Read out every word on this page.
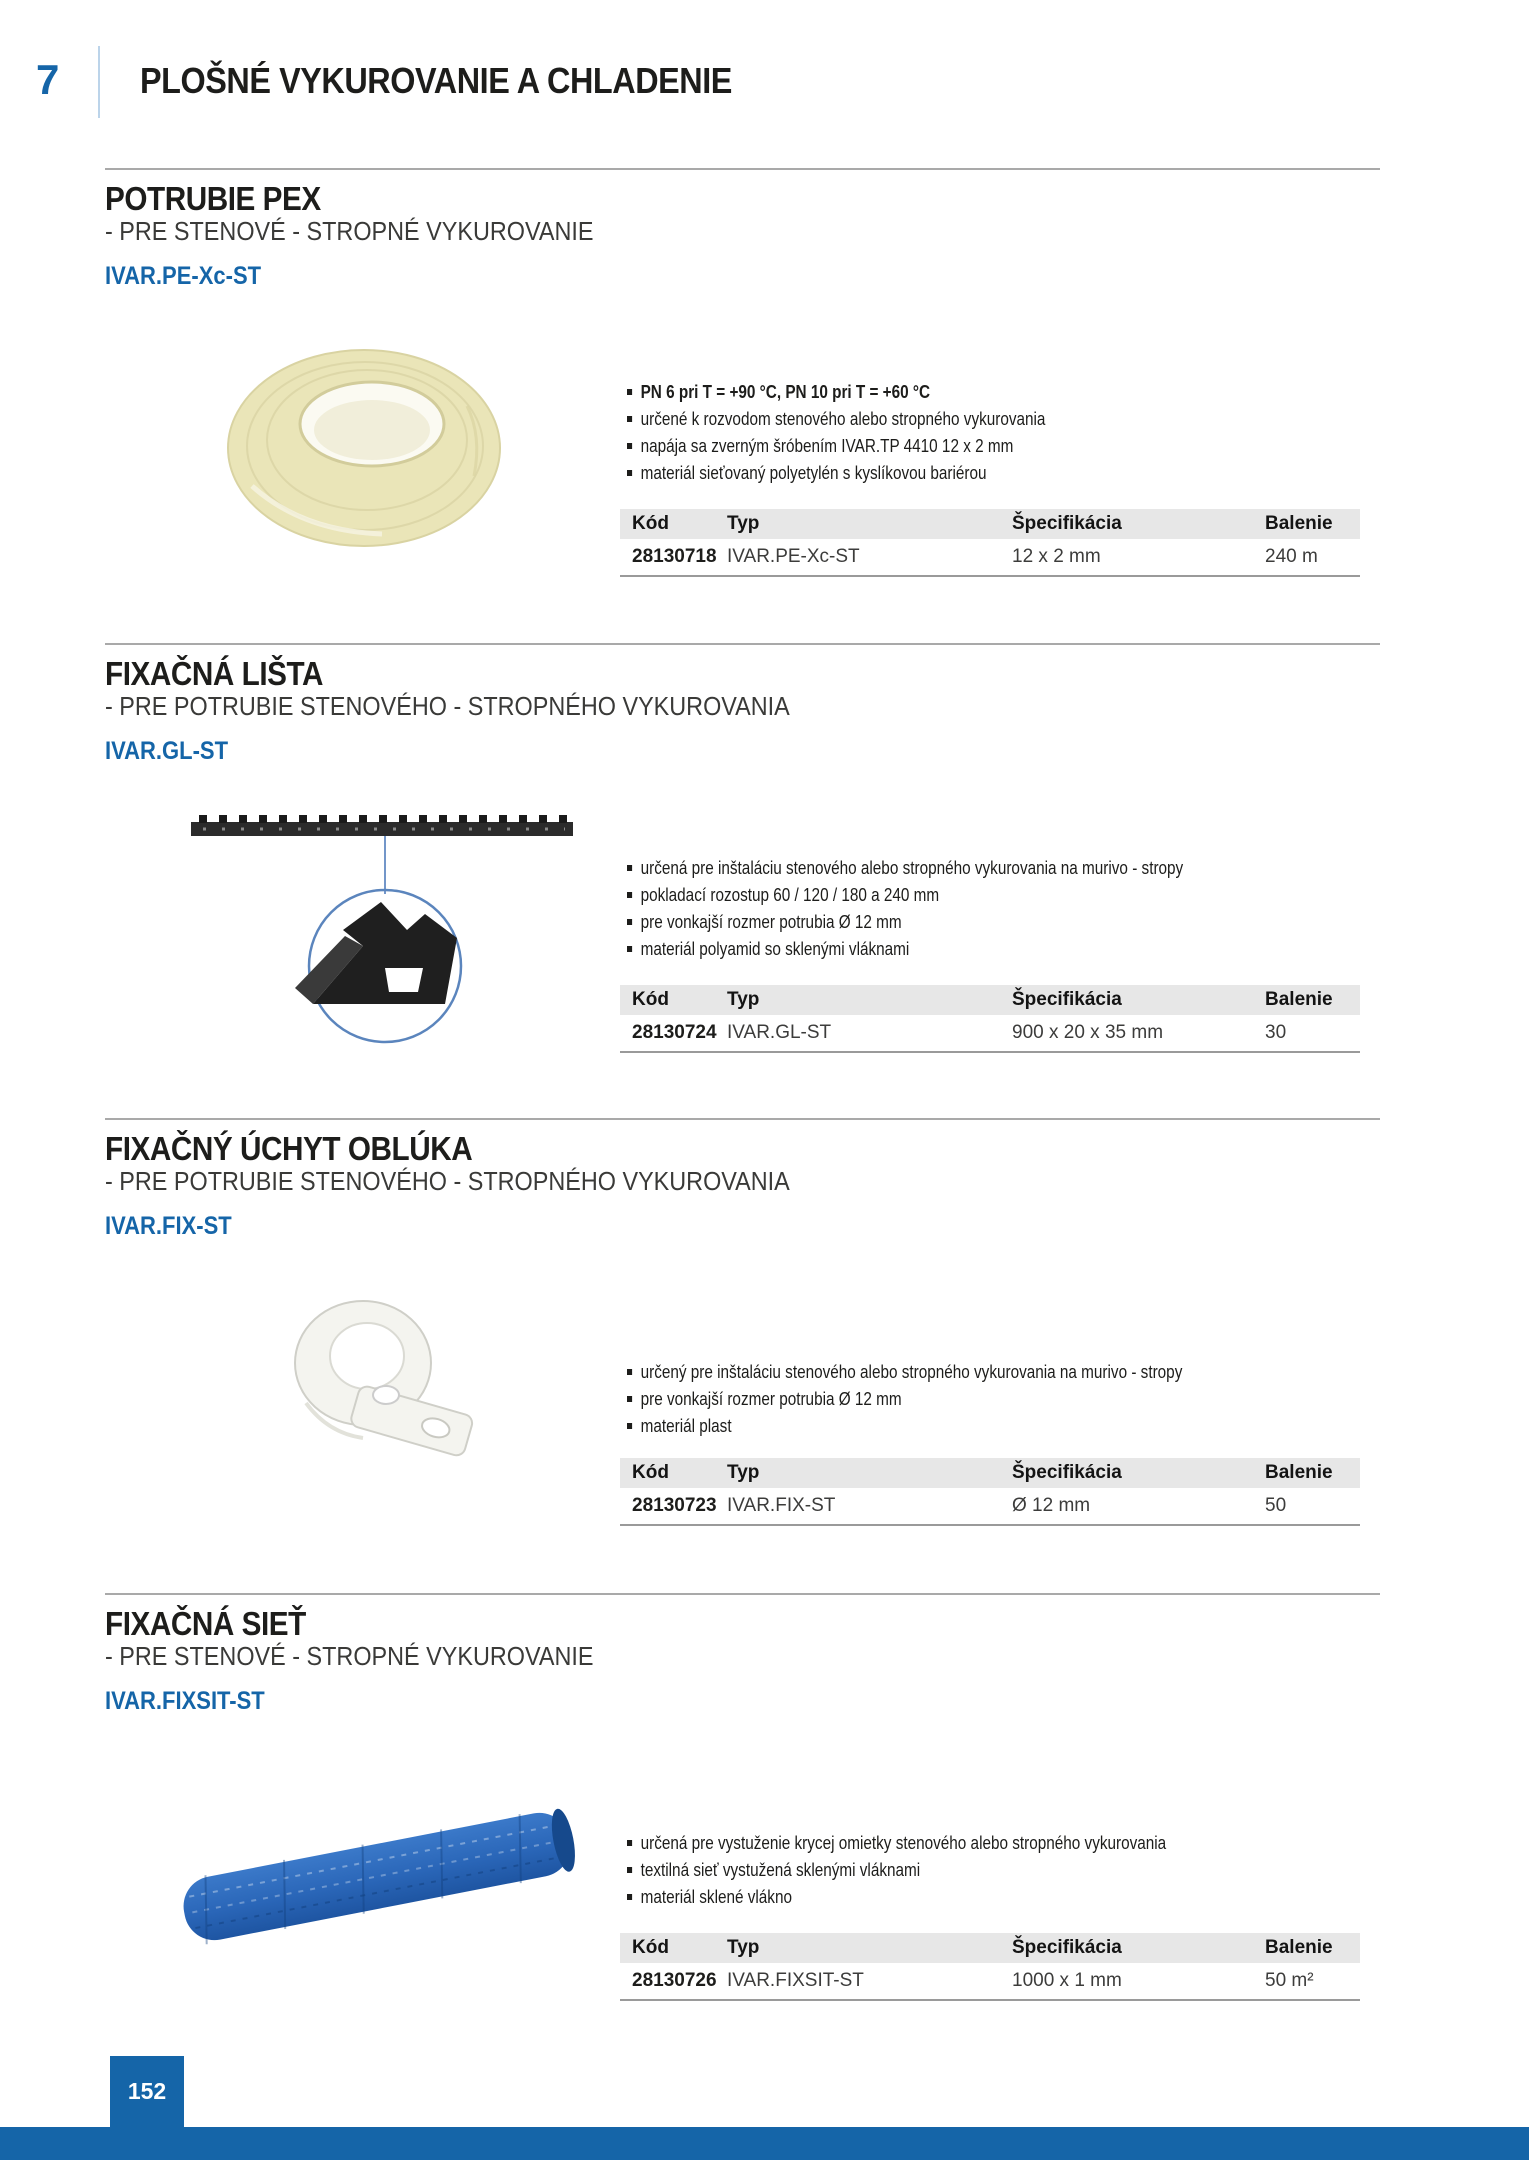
7 PLOŠNÉ VYKUROVANIE A CHLADENIE
POTRUBIE PEX
- PRE STENOVÉ - STROPNÉ VYKUROVANIE
IVAR.PE-Xc-ST
PN 6 pri T = +90 °C, PN 10 pri T = +60 °C
určené k rozvodom stenového alebo stropného vykurovania
napája sa zverným šróbením IVAR.TP 4410 12 x 2 mm
materiál sieťovaný polyetylén s kyslíkovou bariérou
Kód	Typ	Špecifikácia	Balenie
28130718	IVAR.PE-Xc-ST	12 x 2 mm	240 m
FIXAČNÁ LIŠTA
- PRE POTRUBIE STENOVÉHO - STROPNÉHO VYKUROVANIA
IVAR.GL-ST
určená pre inštaláciu stenového alebo stropného vykurovania na murivo - stropy
pokladací rozostup 60 / 120 / 180 a 240 mm
pre vonkajší rozmer potrubia Ø 12 mm
materiál polyamid so sklenými vláknami
Kód	Typ	Špecifikácia	Balenie
28130724	IVAR.GL-ST	900 x 20 x 35 mm	30
FIXAČNÝ ÚCHYT OBLÚKA
- PRE POTRUBIE STENOVÉHO - STROPNÉHO VYKUROVANIA
IVAR.FIX-ST
určený pre inštaláciu stenového alebo stropného vykurovania na murivo - stropy
pre vonkajší rozmer potrubia Ø 12 mm
materiál plast
Kód	Typ	Špecifikácia	Balenie
28130723	IVAR.FIX-ST	Ø 12 mm	50
FIXAČNÁ SIEŤ
- PRE STENOVÉ - STROPNÉ VYKUROVANIE
IVAR.FIXSIT-ST
určená pre vystuženie krycej omietky stenového alebo stropného vykurovania
textilná sieť vystužená sklenými vláknami
materiál sklené vlákno
Kód	Typ	Špecifikácia	Balenie
28130726	IVAR.FIXSIT-ST	1000 x 1 mm	50 m²
152
